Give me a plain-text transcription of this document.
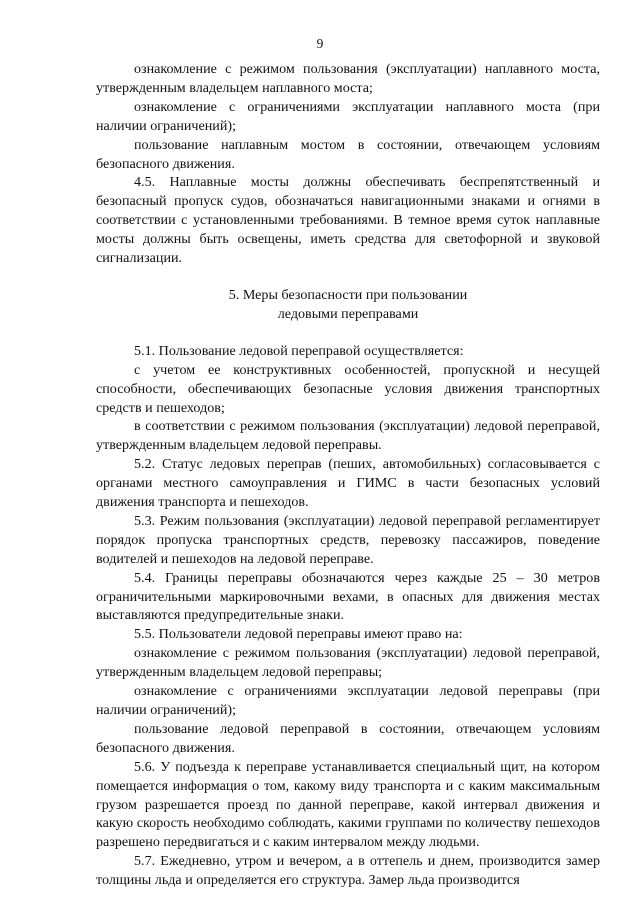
9

ознакомление с режимом пользования (эксплуатации) наплавного моста, утвержденным владельцем наплавного моста;

ознакомление с ограничениями эксплуатации наплавного моста (при наличии ограничений);

пользование наплавным мостом в состоянии, отвечающем условиям безопасного движения.

4.5. Наплавные мосты должны обеспечивать беспрепятственный и безопасный пропуск судов, обозначаться навигационными знаками и огнями в соответствии с установленными требованиями. В темное время суток наплавные мосты должны быть освещены, иметь средства для светофорной и звуковой сигнализации.

5. Меры безопасности при пользовании
ледовыми переправами

5.1. Пользование ледовой переправой осуществляется:

с учетом ее конструктивных особенностей, пропускной и несущей способности, обеспечивающих безопасные условия движения транспортных средств и пешеходов;

в соответствии с режимом пользования (эксплуатации) ледовой переправой, утвержденным владельцем ледовой переправы.

5.2. Статус ледовых переправ (пеших, автомобильных) согласовывается с органами местного самоуправления и ГИМС в части безопасных условий движения транспорта и пешеходов.

5.3. Режим пользования (эксплуатации) ледовой переправой регламентирует порядок пропуска транспортных средств, перевозку пассажиров, поведение водителей и пешеходов на ледовой переправе.

5.4. Границы переправы обозначаются через каждые 25 – 30 метров ограничительными маркировочными вехами, в опасных для движения местах выставляются предупредительные знаки.

5.5. Пользователи ледовой переправы имеют право на:

ознакомление с режимом пользования (эксплуатации) ледовой переправой, утвержденным владельцем ледовой переправы;

ознакомление с ограничениями эксплуатации ледовой переправы (при наличии ограничений);

пользование ледовой переправой в состоянии, отвечающем условиям безопасного движения.

5.6. У подъезда к переправе устанавливается специальный щит, на котором помещается информация о том, какому виду транспорта и с каким максимальным грузом разрешается проезд по данной переправе, какой интервал движения и какую скорость необходимо соблюдать, какими группами по количеству пешеходов разрешено передвигаться и с каким интервалом между людьми.

5.7. Ежедневно, утром и вечером, а в оттепель и днем, производится замер толщины льда и определяется его структура. Замер льда производится
